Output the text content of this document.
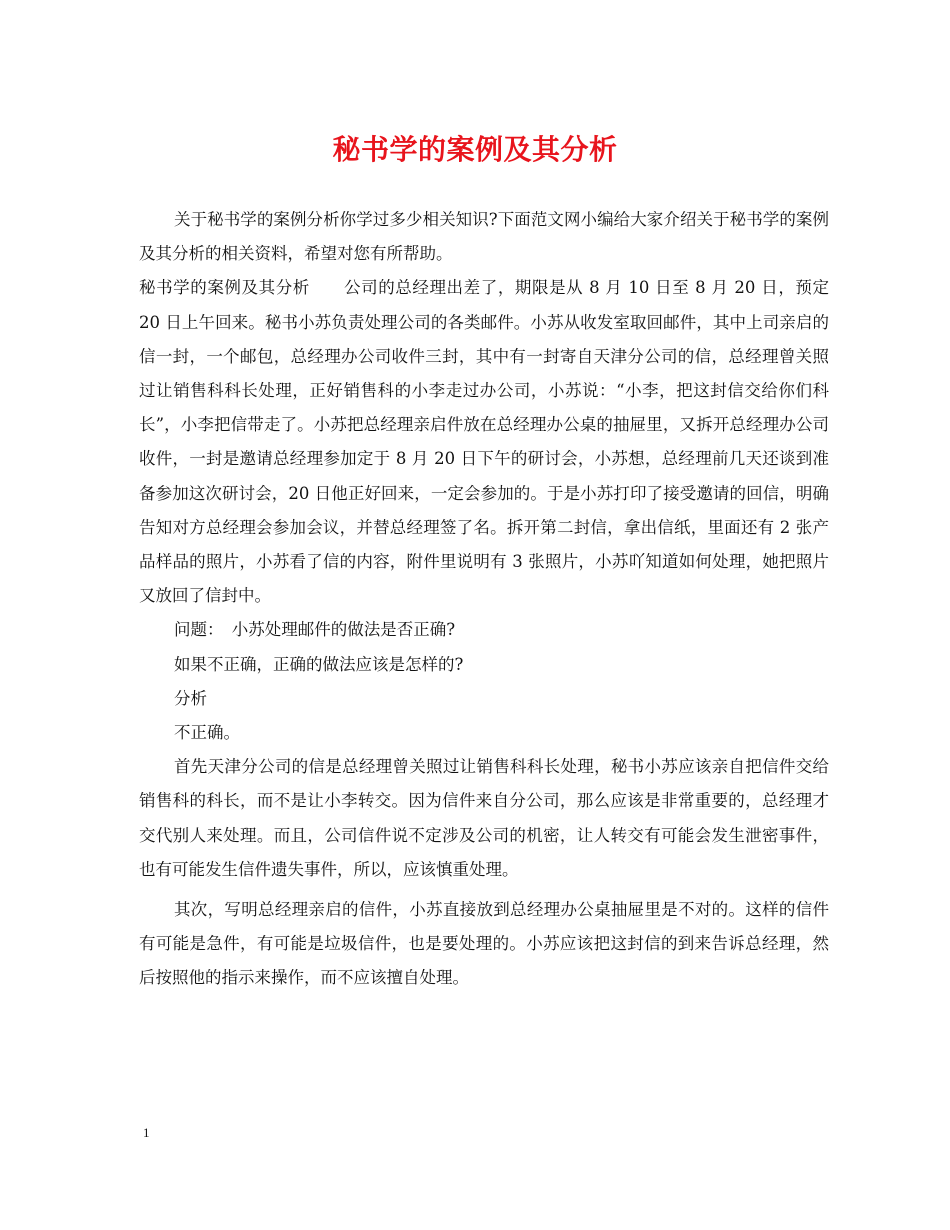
秘书学的案例及其分析

关于秘书学的案例分析你学过多少相关知识?下面范文网小编给大家介绍关于秘书学的案例及其分析的相关资料，希望对您有所帮助。

秘书学的案例及其分析　　公司的总经理出差了，期限是从 8 月 10 日至 8 月 20 日，预定 20 日上午回来。秘书小苏负责处理公司的各类邮件。小苏从收发室取回邮件，其中上司亲启的信一封，一个邮包，总经理办公司收件三封，其中有一封寄自天津分公司的信，总经理曾关照过让销售科科长处理，正好销售科的小李走过办公司，小苏说：“小李，把这封信交给你们科长”，小李把信带走了。小苏把总经理亲启件放在总经理办公桌的抽屉里，又拆开总经理办公司收件，一封是邀请总经理参加定于 8 月 20 日下午的研讨会，小苏想，总经理前几天还谈到准备参加这次研讨会，20 日他正好回来，一定会参加的。于是小苏打印了接受邀请的回信，明确告知对方总经理会参加会议，并替总经理签了名。拆开第二封信，拿出信纸，里面还有 2 张产品样品的照片，小苏看了信的内容，附件里说明有 3 张照片，小苏吖知道如何处理，她把照片又放回了信封中。

问题：　小苏处理邮件的做法是否正确?

如果不正确，正确的做法应该是怎样的?

分析

不正确。

首先天津分公司的信是总经理曾关照过让销售科科长处理，秘书小苏应该亲自把信件交给销售科的科长，而不是让小李转交。因为信件来自分公司，那么应该是非常重要的，总经理才交代别人来处理。而且，公司信件说不定涉及公司的机密，让人转交有可能会发生泄密事件，也有可能发生信件遗失事件，所以，应该慎重处理。

其次，写明总经理亲启的信件，小苏直接放到总经理办公桌抽屉里是不对的。这样的信件有可能是急件，有可能是垃圾信件，也是要处理的。小苏应该把这封信的到来告诉总经理，然后按照他的指示来操作，而不应该擅自处理。

1
